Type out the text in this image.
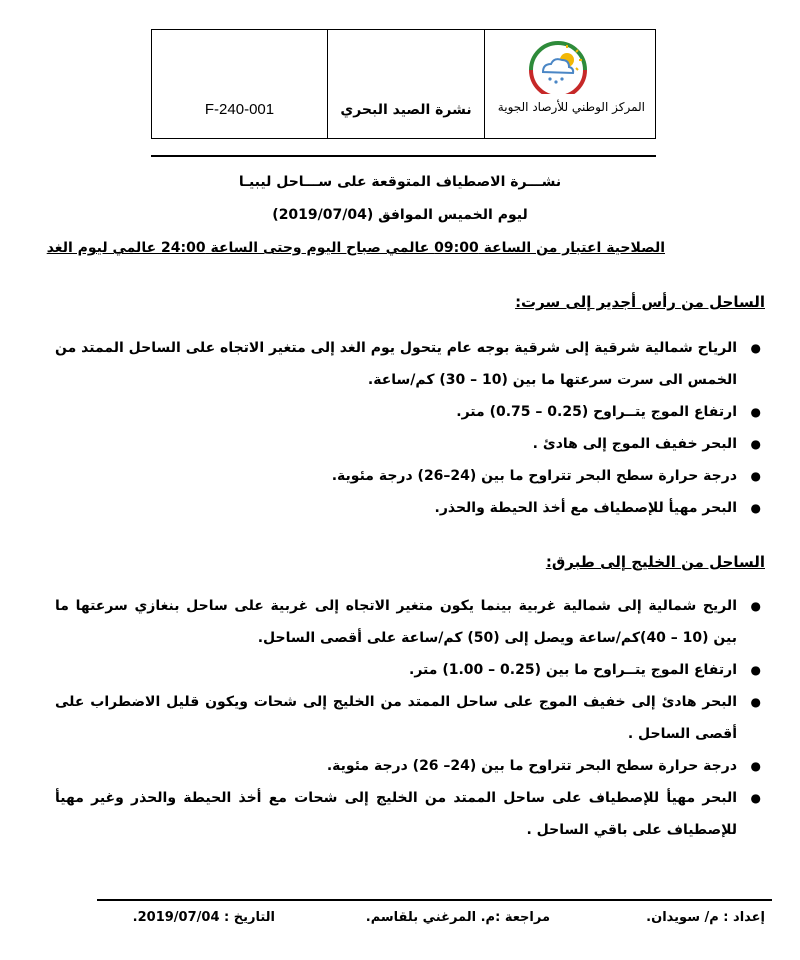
F-240-001	نشرة الصيد البحري	المركز الوطني للأرصاد الجوية
نشـــرة الاصطياف المتوقعة على ســـاحل ليبيـا
ليوم الخميس الموافق (2019/07/04)
الصلاحية اعتبار من الساعة 09:00 عالمي صباح اليوم وحتى الساعة 24:00 عالمي ليوم الغد
الساحل من رأس أجدير إلى سرت:
●
الرياح شمالية شرقية إلى شرقية بوجه عام يتحول يوم الغد إلى متغير الاتجاه على الساحل الممتد من الخمس الى سرت سرعتها ما بين (10 – 30) كم/ساعة.
●
ارتفاع الموج يتــراوح (0.25 – 0.75) متر.
●
البحر خفيف الموج إلى هادئ .
●
درجة حرارة سطح البحر تتراوح ما بين (24–26) درجة مئوية.
●
البحر مهيأ للإصطياف مع أخذ الحيطة والحذر.
الساحل من الخليج إلى طبرق:
●
الريح شمالية إلى شمالية غربية بينما يكون متغير الاتجاه إلى غربية على ساحل بنغازي سرعتها ما بين (10 – 40)كم/ساعة ويصل إلى (50) كم/ساعة على أقصى الساحل.
●
ارتفاع الموج يتــراوح ما بين (0.25 – 1.00) متر.
●
البحر هادئ إلى خفيف الموج على ساحل الممتد من الخليج إلى شحات ويكون قليل الاضطراب على أقصى الساحل .
●
درجة حرارة سطح البحر تتراوح ما بين (24– 26) درجة مئوية.
●
البحر مهيأ للإصطياف على ساحل الممتد من الخليج إلى شحات مع أخذ الحيطة والحذر وغير مهيأ للإصطياف على باقي الساحل .
إعداد : م/ سويدان.
مراجعة :م. المرغني بلقاسم.
التاريخ : 2019/07/04.
